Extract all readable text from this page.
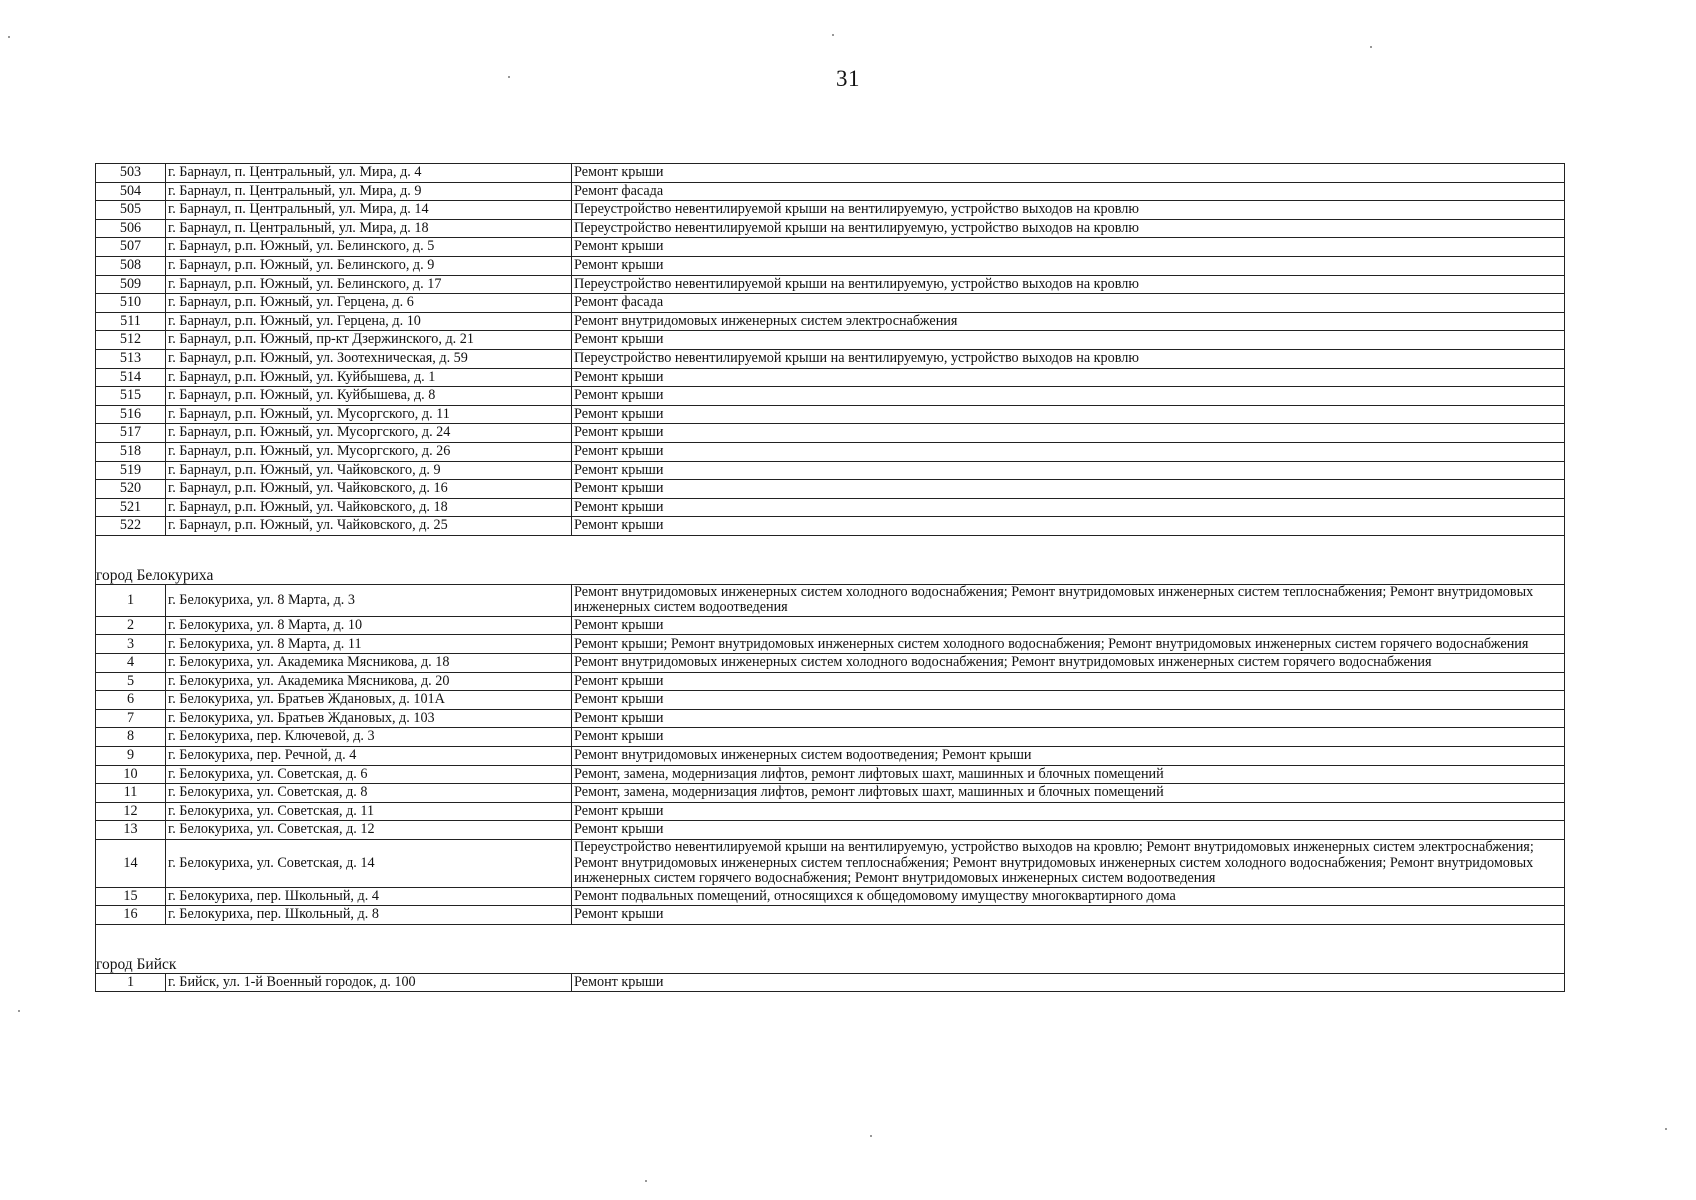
31
503	г. Барнаул, п. Центральный, ул. Мира, д. 4	Ремонт крыши
504	г. Барнаул, п. Центральный, ул. Мира, д. 9	Ремонт фасада
505	г. Барнаул, п. Центральный, ул. Мира, д. 14	Переустройство невентилируемой крыши на вентилируемую, устройство выходов на кровлю
506	г. Барнаул, п. Центральный, ул. Мира, д. 18	Переустройство невентилируемой крыши на вентилируемую, устройство выходов на кровлю
507	г. Барнаул, р.п. Южный, ул. Белинского, д. 5	Ремонт крыши
508	г. Барнаул, р.п. Южный, ул. Белинского, д. 9	Ремонт крыши
509	г. Барнаул, р.п. Южный, ул. Белинского, д. 17	Переустройство невентилируемой крыши на вентилируемую, устройство выходов на кровлю
510	г. Барнаул, р.п. Южный, ул. Герцена, д. 6	Ремонт фасада
511	г. Барнаул, р.п. Южный, ул. Герцена, д. 10	Ремонт внутридомовых инженерных систем электроснабжения
512	г. Барнаул, р.п. Южный, пр-кт Дзержинского, д. 21	Ремонт крыши
513	г. Барнаул, р.п. Южный, ул. Зоотехническая, д. 59	Переустройство невентилируемой крыши на вентилируемую, устройство выходов на кровлю
514	г. Барнаул, р.п. Южный, ул. Куйбышева, д. 1	Ремонт крыши
515	г. Барнаул, р.п. Южный, ул. Куйбышева, д. 8	Ремонт крыши
516	г. Барнаул, р.п. Южный, ул. Мусоргского, д. 11	Ремонт крыши
517	г. Барнаул, р.п. Южный, ул. Мусоргского, д. 24	Ремонт крыши
518	г. Барнаул, р.п. Южный, ул. Мусоргского, д. 26	Ремонт крыши
519	г. Барнаул, р.п. Южный, ул. Чайковского, д. 9	Ремонт крыши
520	г. Барнаул, р.п. Южный, ул. Чайковского, д. 16	Ремонт крыши
521	г. Барнаул, р.п. Южный, ул. Чайковского, д. 18	Ремонт крыши
522	г. Барнаул, р.п. Южный, ул. Чайковского, д. 25	Ремонт крыши

город Белокуриха		
1	г. Белокуриха, ул. 8 Марта, д. 3	Ремонт внутридомовых инженерных систем холодного водоснабжения; Ремонт внутридомовых инженерных систем теплоснабжения; Ремонт внутридомовых инженерных систем водоотведения
2	г. Белокуриха, ул. 8 Марта, д. 10	Ремонт крыши
3	г. Белокуриха, ул. 8 Марта, д. 11	Ремонт крыши; Ремонт внутридомовых инженерных систем холодного водоснабжения; Ремонт внутридомовых инженерных систем горячего водоснабжения
4	г. Белокуриха, ул. Академика Мясникова, д. 18	Ремонт внутридомовых инженерных систем холодного водоснабжения; Ремонт внутридомовых инженерных систем горячего водоснабжения
5	г. Белокуриха, ул. Академика Мясникова, д. 20	Ремонт крыши
6	г. Белокуриха, ул. Братьев Ждановых, д. 101А	Ремонт крыши
7	г. Белокуриха, ул. Братьев Ждановых, д. 103	Ремонт крыши
8	г. Белокуриха, пер. Ключевой, д. 3	Ремонт крыши
9	г. Белокуриха, пер. Речной, д. 4	Ремонт внутридомовых инженерных систем водоотведения; Ремонт крыши
10	г. Белокуриха, ул. Советская, д. 6	Ремонт, замена, модернизация лифтов, ремонт лифтовых шахт, машинных и блочных помещений
11	г. Белокуриха, ул. Советская, д. 8	Ремонт, замена, модернизация лифтов, ремонт лифтовых шахт, машинных и блочных помещений
12	г. Белокуриха, ул. Советская, д. 11	Ремонт крыши
13	г. Белокуриха, ул. Советская, д. 12	Ремонт крыши
14	г. Белокуриха, ул. Советская, д. 14	Переустройство невентилируемой крыши на вентилируемую, устройство выходов на кровлю; Ремонт внутридомовых инженерных систем электроснабжения; Ремонт внутридомовых инженерных систем теплоснабжения; Ремонт внутридомовых инженерных систем холодного водоснабжения; Ремонт внутридомовых инженерных систем горячего водоснабжения; Ремонт внутридомовых инженерных систем водоотведения
15	г. Белокуриха, пер. Школьный, д. 4	Ремонт подвальных помещений, относящихся к общедомовому имуществу многоквартирного дома
16	г. Белокуриха, пер. Школьный, д. 8	Ремонт крыши

город Бийск		
1	г. Бийск, ул. 1-й Военный городок, д. 100	Ремонт крыши
